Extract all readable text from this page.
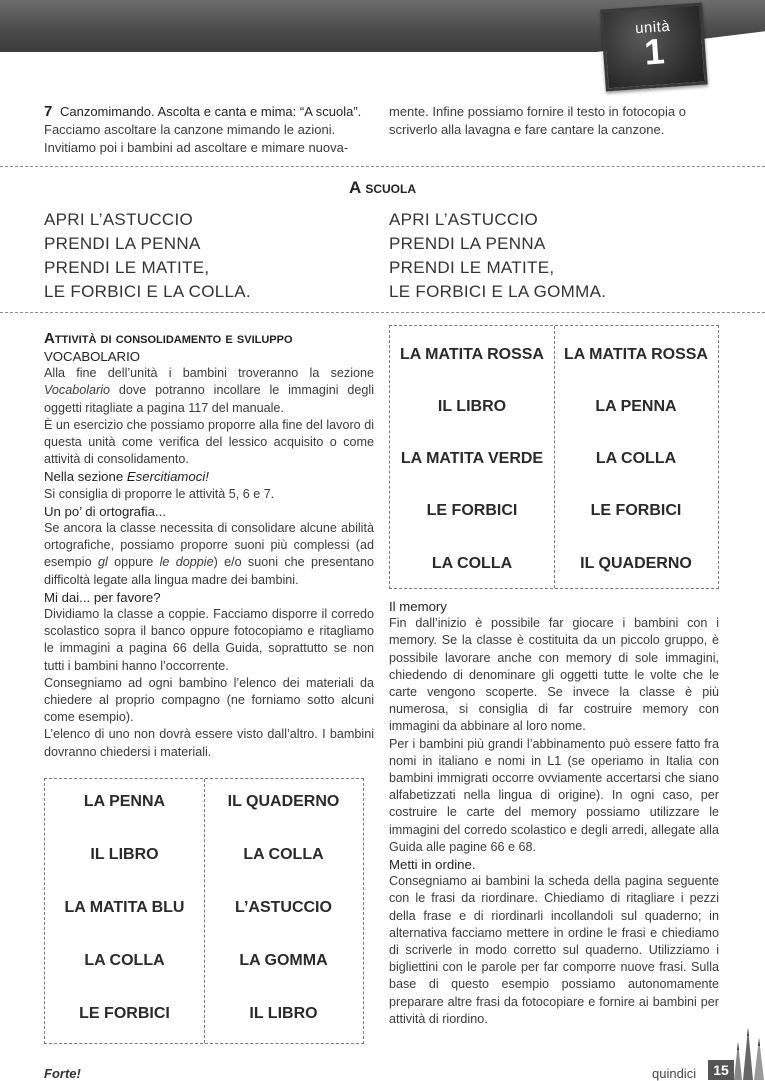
unità
1
7 Canzomimando. Ascolta e canta e mima: “A scuola”.
Facciamo ascoltare la canzone mimando le azioni.
Invitiamo poi i bambini ad ascoltare e mimare nuova-
mente. Infine possiamo fornire il testo in fotocopia o
scriverlo alla lavagna e fare cantare la canzone.
A scuola
APRI L’ASTUCCIO
PRENDI LA PENNA
PRENDI LE MATITE,
LE FORBICI E LA COLLA.
APRI L’ASTUCCIO
PRENDI LA PENNA
PRENDI LE MATITE,
LE FORBICI E LA GOMMA.
Attività di consolidamento e sviluppo
VOCABOLARIO

Alla fine dell’unità i bambini troveranno la sezione Vocabolario dove potranno incollare le immagini degli oggetti ritagliate a pagina 117 del manuale.

È un esercizio che possiamo proporre alla fine del lavoro di questa unità come verifica del lessico acquisito o come attività di consolidamento.

Nella sezione Esercitiamoci!

Si consiglia di proporre le attività 5, 6 e 7.

Un po’ di ortografia...

Se ancora la classe necessita di consolidare alcune abilità ortografiche, possiamo proporre suoni più complessi (ad esempio gl oppure le doppie) e/o suoni che presentano difficoltà legate alla lingua madre dei bambini.

Mi dai... per favore?

Dividiamo la classe a coppie. Facciamo disporre il corredo scolastico sopra il banco oppure fotocopiamo e ritagliamo le immagini a pagina 66 della Guida, soprattutto se non tutti i bambini hanno l’occorrente.

Consegniamo ad ogni bambino l’elenco dei materiali da chiedere al proprio compagno (ne forniamo sotto alcuni come esempio).

L’elenco di uno non dovrà essere visto dall’altro. I bambini dovranno chiedersi i materiali.

LA MATITA ROSSA
IL LIBRO
LA MATITA VERDE
LE FORBICI
LA COLLA
LA MATITA ROSSA
LA PENNA
LA COLLA
LE FORBICI
IL QUADERNO
Il memory

Fin dall’inizio è possibile far giocare i bambini con i memory. Se la classe è costituita da un piccolo gruppo, è possibile lavorare anche con memory di sole immagini, chiedendo di denominare gli oggetti tutte le volte che le carte vengono scoperte. Se invece la classe è più numerosa, si consiglia di far costruire memory con immagini da abbinare al loro nome.

Per i bambini più grandi l’abbinamento può essere fatto fra nomi in italiano e nomi in L1 (se operiamo in Italia con bambini immigrati occorre ovviamente accertarsi che siano alfabetizzati nella lingua di origine). In ogni caso, per costruire le carte del memory possiamo utilizzare le immagini del corredo scolastico e degli arredi, allegate alla Guida alle pagine 66 e 68.

Metti in ordine.

Consegniamo ai bambini la scheda della pagina seguente con le frasi da riordinare. Chiediamo di ritagliare i pezzi della frase e di riordinarli incollandoli sul quaderno; in alternativa facciamo mettere in ordine le frasi e chiediamo di scriverle in modo corretto sul quaderno. Utilizziamo i bigliettini con le parole per far comporre nuove frasi. Sulla base di questo esempio possiamo autonomamente preparare altre frasi da fotocopiare e fornire ai bambini per attività di riordino.

LA PENNA
IL LIBRO
LA MATITA BLU
LA COLLA
LE FORBICI
IL QUADERNO
LA COLLA
L’ASTUCCIO
LA GOMMA
IL LIBRO
Forte!	quindici	15
